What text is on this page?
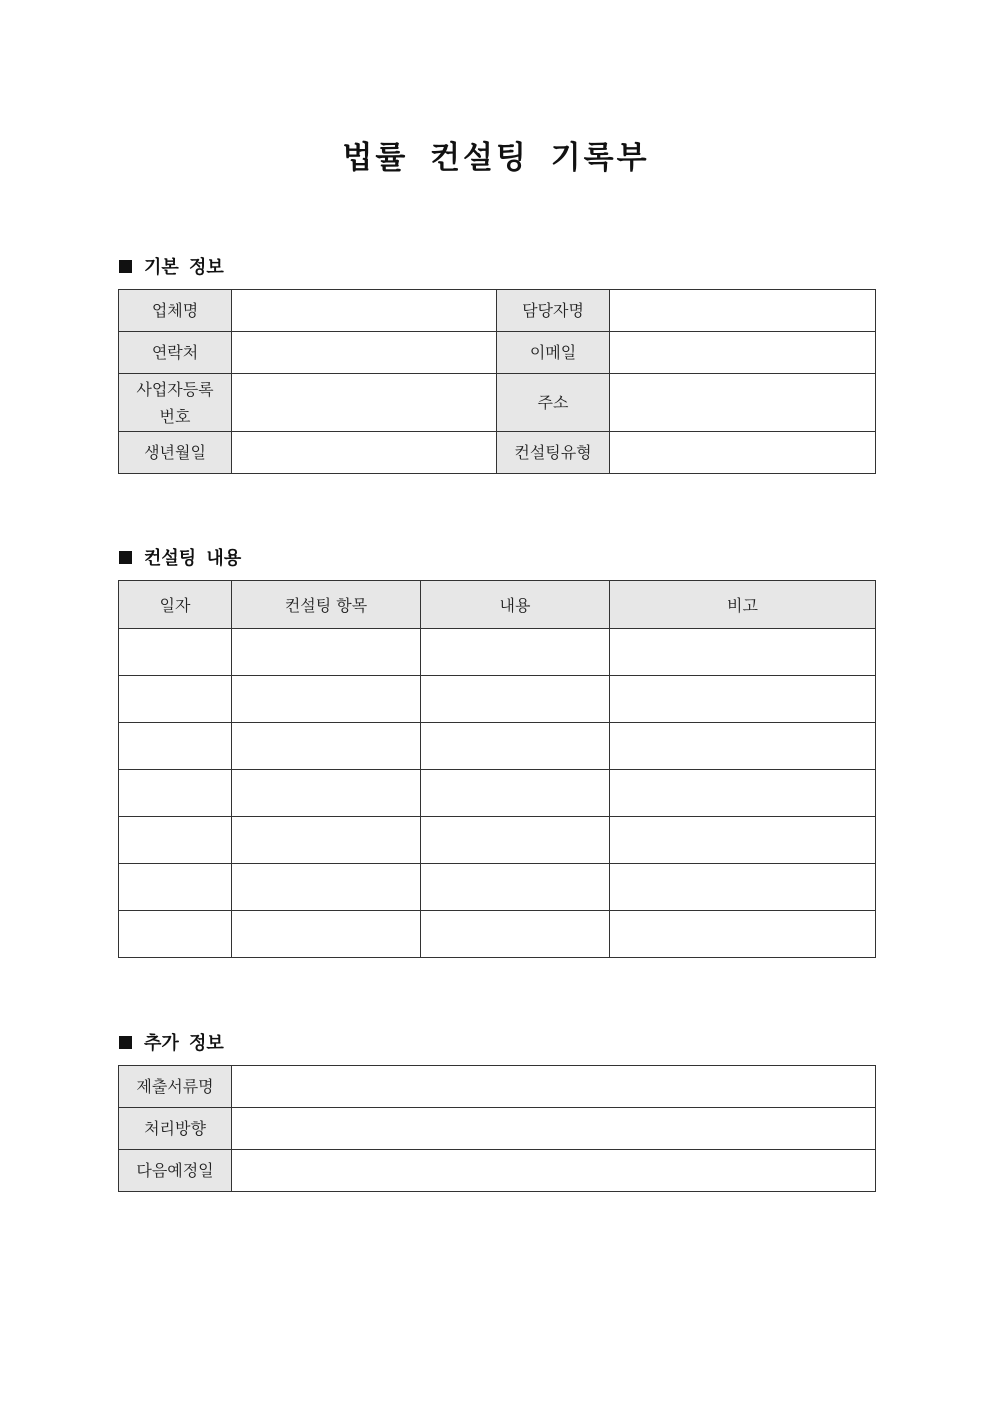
법률 컨설팅 기록부
기본 정보
업체명		담당자명	
연락처		이메일	
사업자등록
번호		주소	
생년월일		컨설팅유형	
컨설팅 내용
일자	컨설팅 항목	내용	비고

추가 정보
제출서류명	
처리방향	
다음예정일	
